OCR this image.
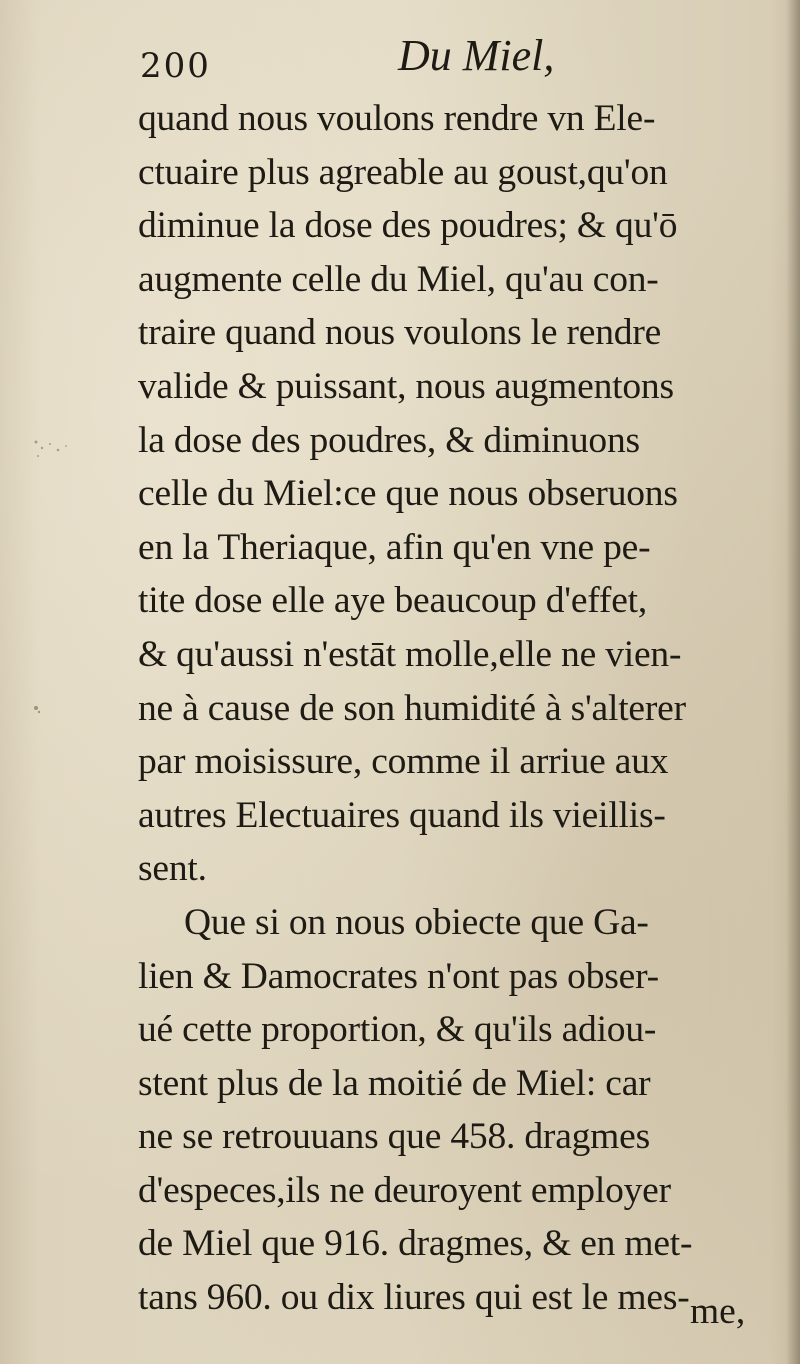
200	Du Miel,
quand nous voulons rendre vn Ele-
ctuaire plus agreable au goust,qu'on
diminue la dose des poudres; & qu'ō
augmente celle du Miel, qu'au con-
traire quand nous voulons le rendre
valide & puissant, nous augmentons
la dose des poudres, & diminuons
celle du Miel:ce que nous obseruons
en la Theriaque, afin qu'en vne pe-
tite dose elle aye beaucoup d'effet,
& qu'aussi n'estāt molle,elle ne vien-
ne à cause de son humidité à s'alterer
par moisissure, comme il arriue aux
autres Electuaires quand ils vieillis-
sent.
Que si on nous obiecte que Ga-
lien & Damocrates n'ont pas obser-
ué cette proportion, & qu'ils adiou-
stent plus de la moitié de Miel: car
ne se retrouuans que 458. dragmes
d'especes,ils ne deuroyent employer
de Miel que 916. dragmes, & en met-
tans 960. ou dix liures qui est le mes- me,
